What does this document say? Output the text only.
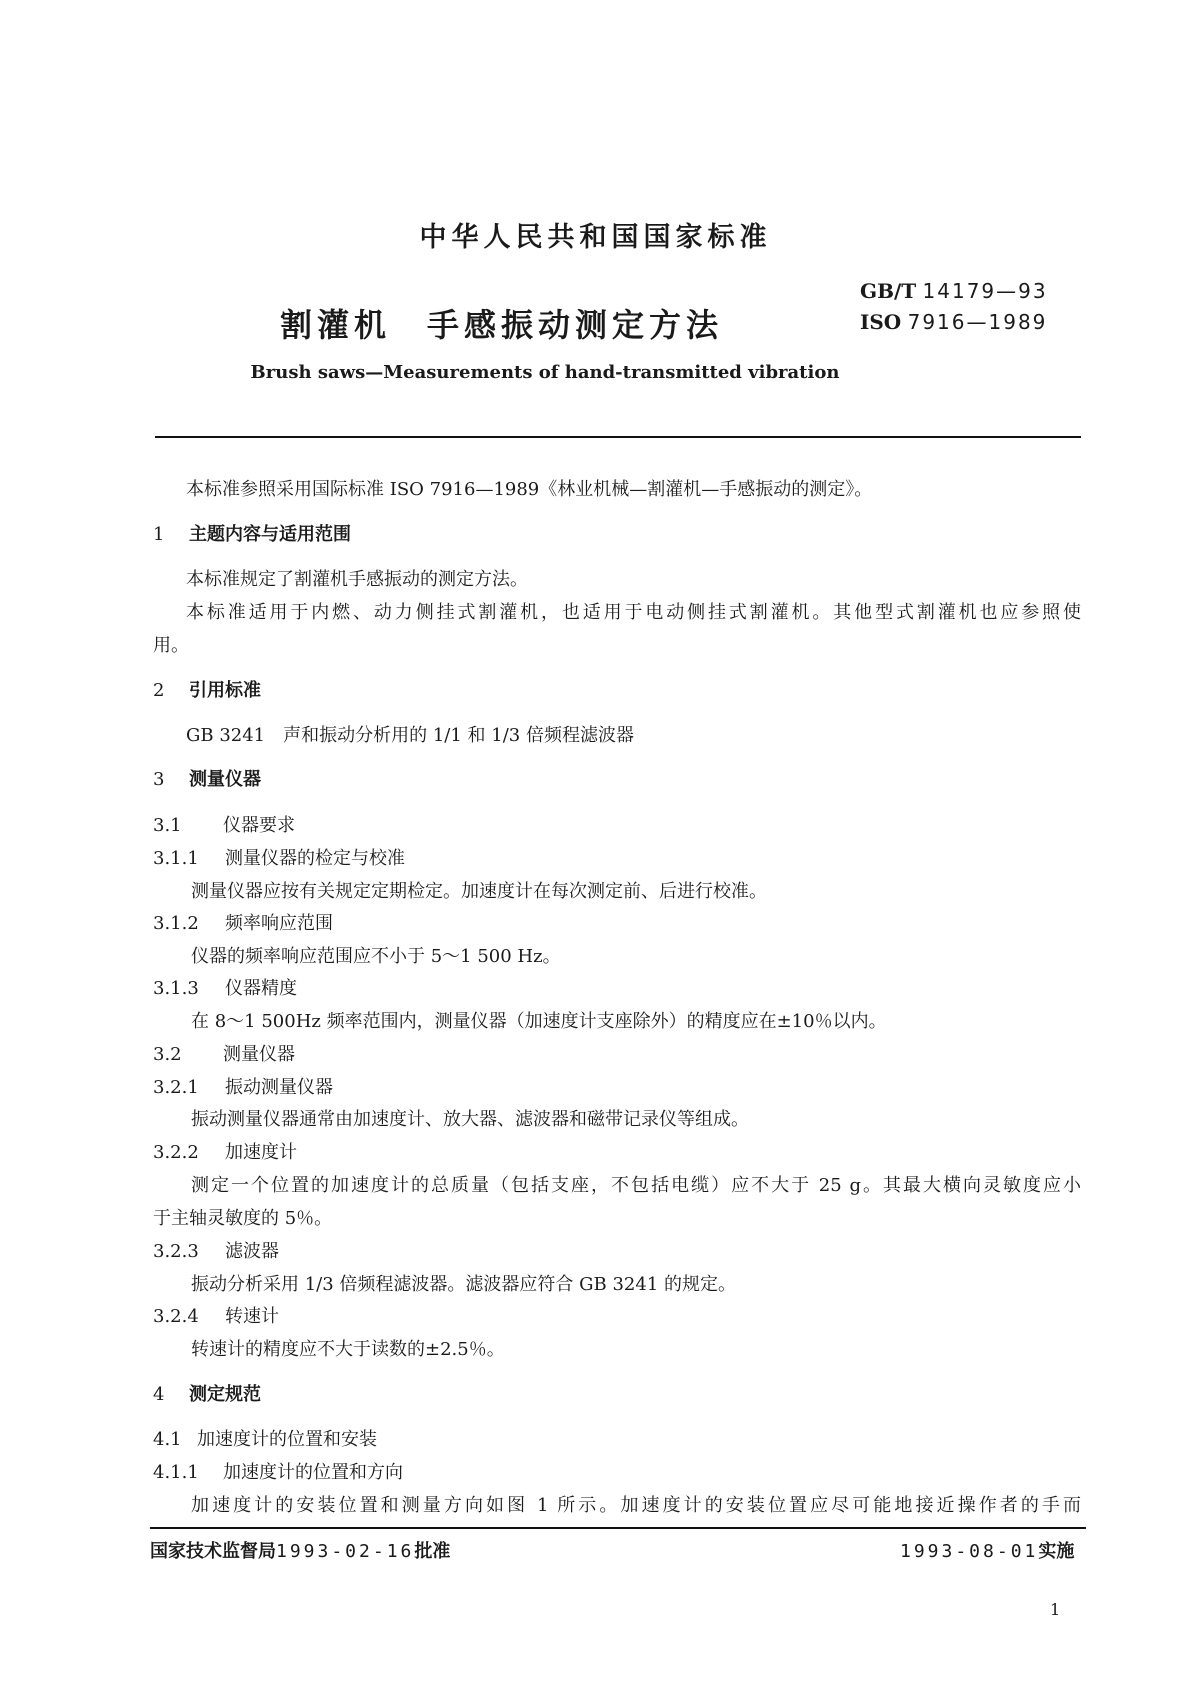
中华人民共和国国家标准
割灌机 手感振动测定方法
GB/T 14179—93
ISO 7916—1989
Brush saws—Measurements of hand-transmitted vibration
本标准参照采用国际标准 ISO 7916—1989《林业机械—割灌机—手感振动的测定》。
1 主题内容与适用范围
本标准规定了割灌机手感振动的测定方法。
本标准适用于内燃、动力侧挂式割灌机，也适用于电动侧挂式割灌机。其他型式割灌机也应参照使
用。
2 引用标准
GB 3241　声和振动分析用的 1/1 和 1/3 倍频程滤波器
3 测量仪器
3.1 仪器要求
3.1.1 测量仪器的检定与校准
测量仪器应按有关规定定期检定。加速度计在每次测定前、后进行校准。
3.1.2 频率响应范围
仪器的频率响应范围应不小于 5～1 500 Hz。
3.1.3 仪器精度
在 8～1 500Hz 频率范围内，测量仪器（加速度计支座除外）的精度应在±10％以内。
3.2 测量仪器
3.2.1 振动测量仪器
振动测量仪器通常由加速度计、放大器、滤波器和磁带记录仪等组成。
3.2.2 加速度计
测定一个位置的加速度计的总质量（包括支座，不包括电缆）应不大于 25 g。其最大横向灵敏度应小
于主轴灵敏度的 5％。
3.2.3 滤波器
振动分析采用 1/3 倍频程滤波器。滤波器应符合 GB 3241 的规定。
3.2.4 转速计
转速计的精度应不大于读数的±2.5％。
4 测定规范
4.1 加速度计的位置和安装
4.1.1 加速度计的位置和方向
加速度计的安装位置和测量方向如图 1 所示。加速度计的安装位置应尽可能地接近操作者的手而
国家技术监督局1993-02-16批准	1993-08-01实施
1
